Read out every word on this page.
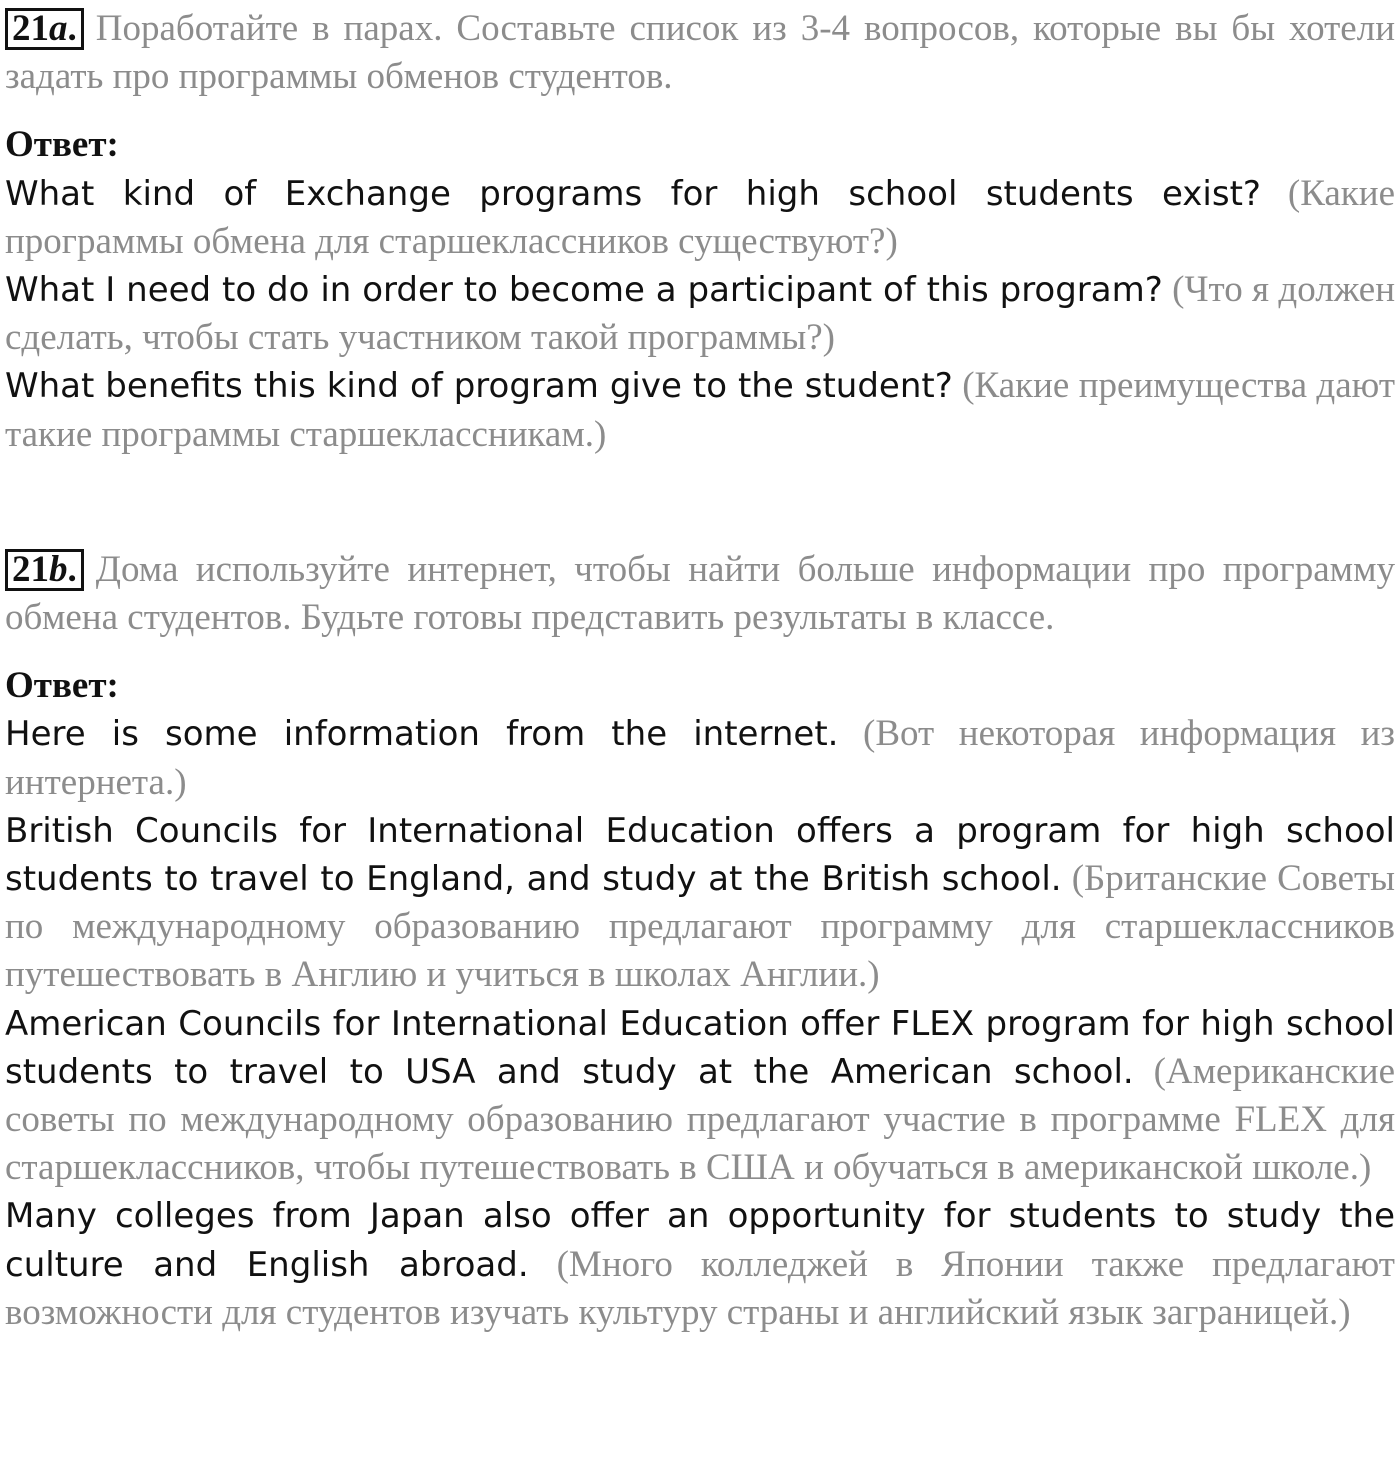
21a. Поработайте в парах. Составьте список из 3-4 вопросов, которые вы бы хотели задать про программы обменов студентов.

Ответ:

What kind of Exchange programs for high school students exist? (Какие программы обмена для старшеклассников существуют?)

What I need to do in order to become a participant of this program? (Что я должен сделать, чтобы стать участником такой программы?)

What benefits this kind of program give to the student? (Какие преимущества дают такие программы старшеклассникам.)

21b. Дома используйте интернет, чтобы найти больше информации про программу обмена студентов. Будьте готовы представить результаты в классе.

Ответ:

Here is some information from the internet. (Вот некоторая информация из интернета.)

British Councils for International Education offers a program for high school students to travel to England, and study at the British school. (Британские Советы по международному образованию предлагают программу для старшеклассников путешествовать в Англию и учиться в школах Англии.)

American Councils for International Education offer FLEX program for high school students to travel to USA and study at the American school. (Американские советы по международному образованию предлагают участие в программе FLEX для старшеклассников, чтобы путешествовать в США и обучаться в американской школе.)

Many colleges from Japan also offer an opportunity for students to study the culture and English abroad. (Много колледжей в Японии также предлагают возможности для студентов изучать культуру страны и английский язык заграницей.)
